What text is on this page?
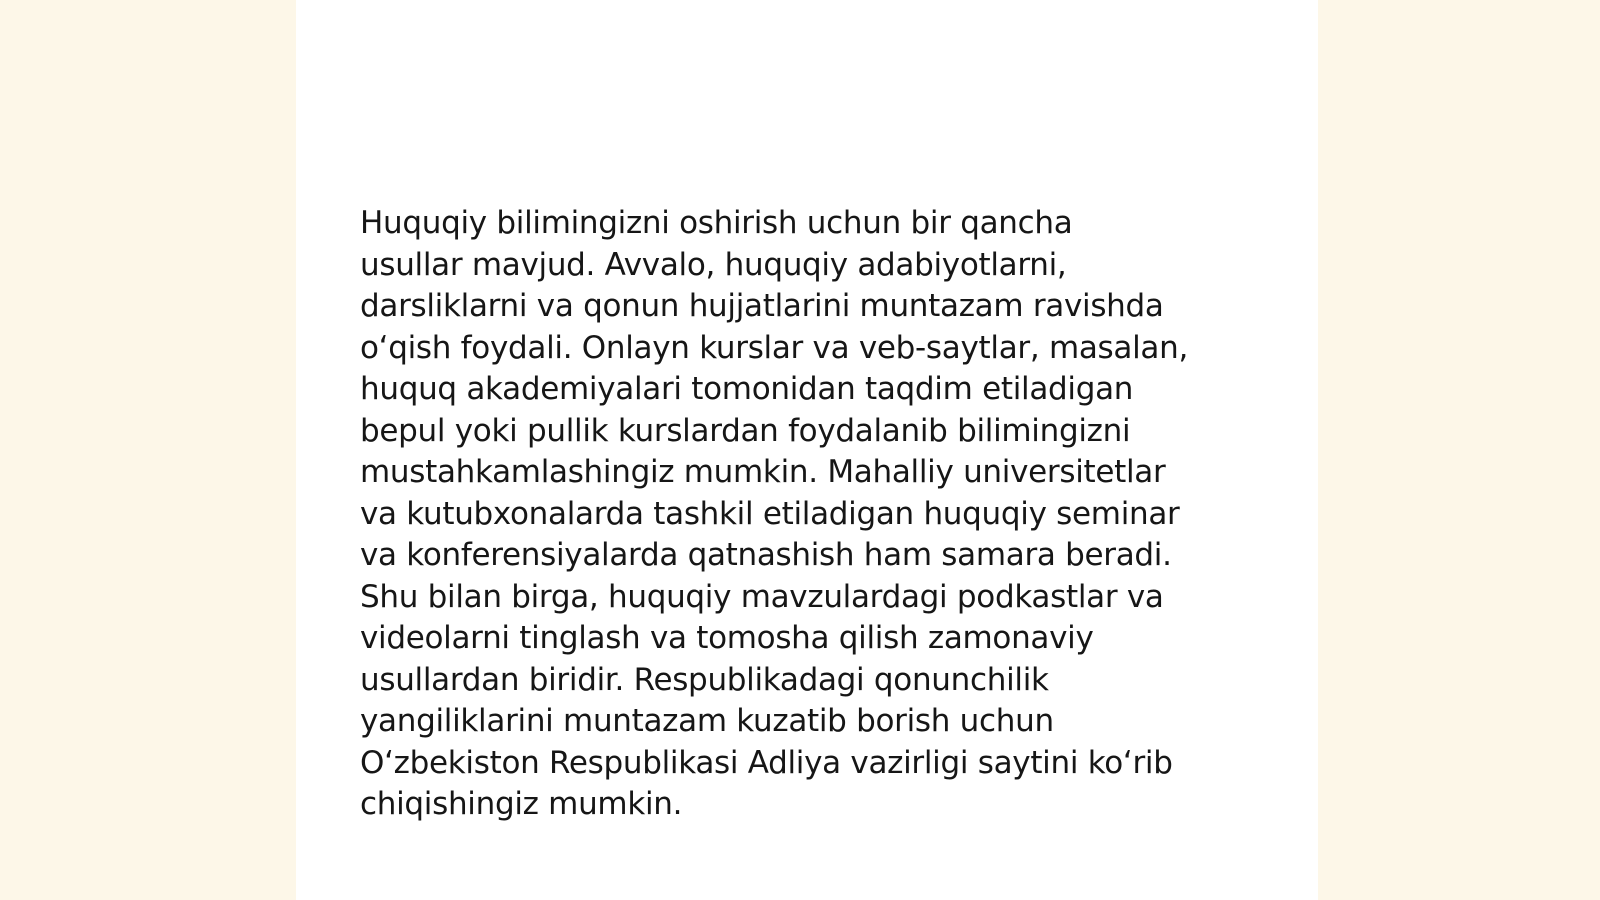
Huquqiy bilimingizni oshirish uchun bir qancha
usullar mavjud. Avvalo, huquqiy adabiyotlarni,
darsliklarni va qonun hujjatlarini muntazam ravishda
o‘qish foydali. Onlayn kurslar va veb-saytlar, masalan,
huquq akademiyalari tomonidan taqdim etiladigan
bepul yoki pullik kurslardan foydalanib bilimingizni
mustahkamlashingiz mumkin. Mahalliy universitetlar
va kutubxonalarda tashkil etiladigan huquqiy seminar
va konferensiyalarda qatnashish ham samara beradi.
Shu bilan birga, huquqiy mavzulardagi podkastlar va
videolarni tinglash va tomosha qilish zamonaviy
usullardan biridir. Respublikadagi qonunchilik
yangiliklarini muntazam kuzatib borish uchun
O‘zbekiston Respublikasi Adliya vazirligi saytini ko‘rib
chiqishingiz mumkin.
